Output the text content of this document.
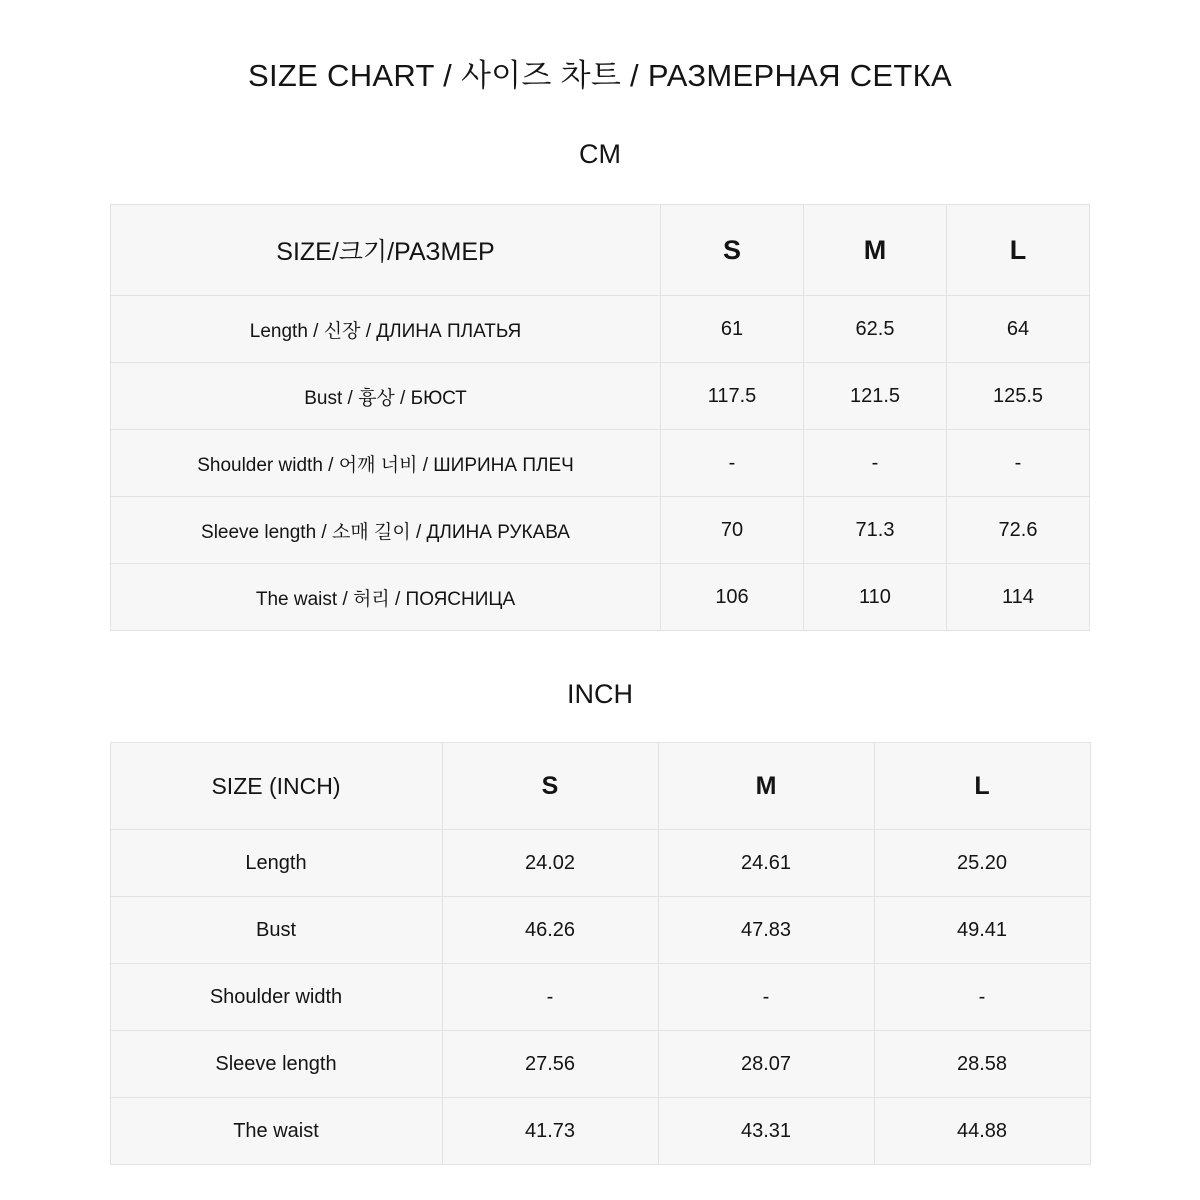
SIZE CHART / 사이즈 차트 / РАЗМЕРНАЯ СЕТКА
CM
SIZE/크기/РАЗМЕР	S	M	L
Length / 신장 / ДЛИНА ПЛАТЬЯ	61	62.5	64
Bust / 흉상 / БЮСТ	117.5	121.5	125.5
Shoulder width / 어깨 너비 / ШИРИНА ПЛЕЧ	-	-	-
Sleeve length / 소매 길이 / ДЛИНА РУКАВА	70	71.3	72.6
The waist / 허리 / ПОЯСНИЦА	106	110	114
INCH
SIZE (INCH)	S	M	L
Length	24.02	24.61	25.20
Bust	46.26	47.83	49.41
Shoulder width	-	-	-
Sleeve length	27.56	28.07	28.58
The waist	41.73	43.31	44.88
